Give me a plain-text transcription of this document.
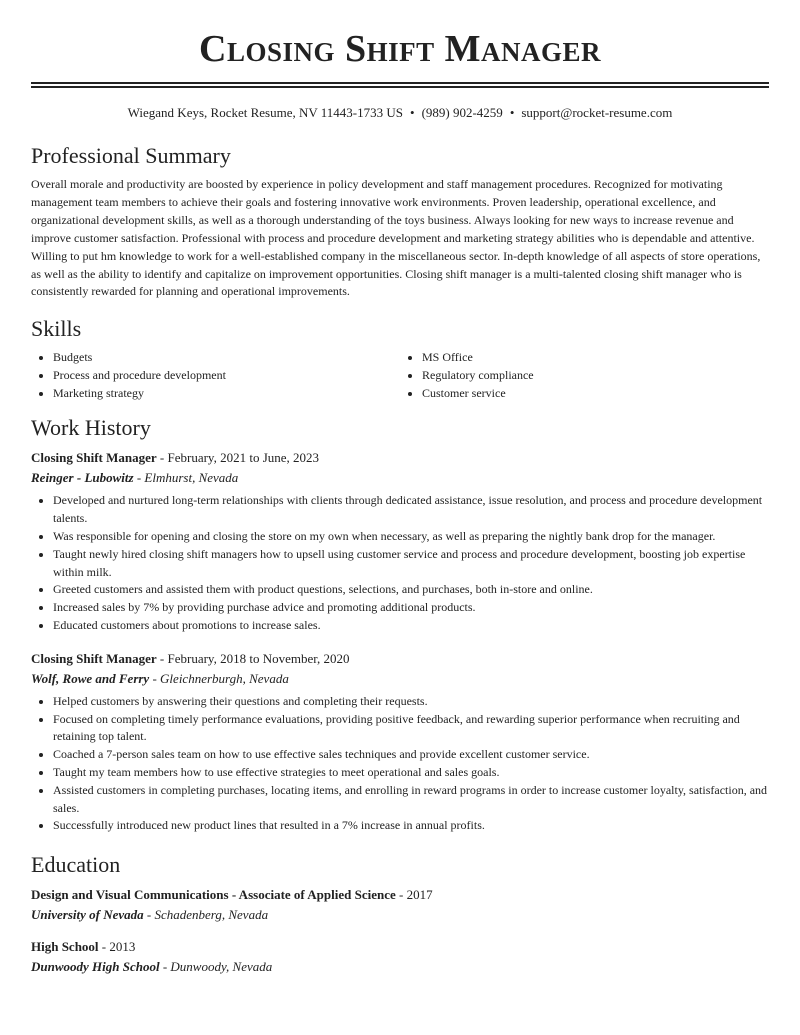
Closing Shift Manager
Wiegand Keys, Rocket Resume, NV 11443-1733 US • (989) 902-4259 • support@rocket-resume.com
Professional Summary

Overall morale and productivity are boosted by experience in policy development and staff management procedures. Recognized for motivating management team members to achieve their goals and fostering innovative work environments. Proven leadership, operational excellence, and organizational development skills, as well as a thorough understanding of the toys business. Always looking for new ways to increase revenue and improve customer satisfaction. Professional with process and procedure development and marketing strategy abilities who is dependable and attentive. Willing to put hm knowledge to work for a well-established company in the miscellaneous sector. In-depth knowledge of all aspects of store operations, as well as the ability to identify and capitalize on improvement opportunities. Closing shift manager is a multi-talented closing shift manager who is consistently rewarded for planning and operational improvements.

Skills
• Budgets
• Process and procedure development
• Marketing strategy
• MS Office
• Regulatory compliance
• Customer service
Work History

Closing Shift Manager - February, 2021 to June, 2023

Reinger - Lubowitz - Elmhurst, Nevada

• Developed and nurtured long-term relationships with clients through dedicated assistance, issue resolution, and process and procedure development talents.
• Was responsible for opening and closing the store on my own when necessary, as well as preparing the nightly bank drop for the manager.
• Taught newly hired closing shift managers how to upsell using customer service and process and procedure development, boosting job expertise within milk.
• Greeted customers and assisted them with product questions, selections, and purchases, both in-store and online.
• Increased sales by 7% by providing purchase advice and promoting additional products.
• Educated customers about promotions to increase sales.

Closing Shift Manager - February, 2018 to November, 2020

Wolf, Rowe and Ferry - Gleichnerburgh, Nevada

• Helped customers by answering their questions and completing their requests.
• Focused on completing timely performance evaluations, providing positive feedback, and rewarding superior performance when recruiting and retaining top talent.
• Coached a 7-person sales team on how to use effective sales techniques and provide excellent customer service.
• Taught my team members how to use effective strategies to meet operational and sales goals.
• Assisted customers in completing purchases, locating items, and enrolling in reward programs in order to increase customer loyalty, satisfaction, and sales.
• Successfully introduced new product lines that resulted in a 7% increase in annual profits.
Education

Design and Visual Communications - Associate of Applied Science - 2017

University of Nevada - Schadenberg, Nevada

High School - 2013

Dunwoody High School - Dunwoody, Nevada
